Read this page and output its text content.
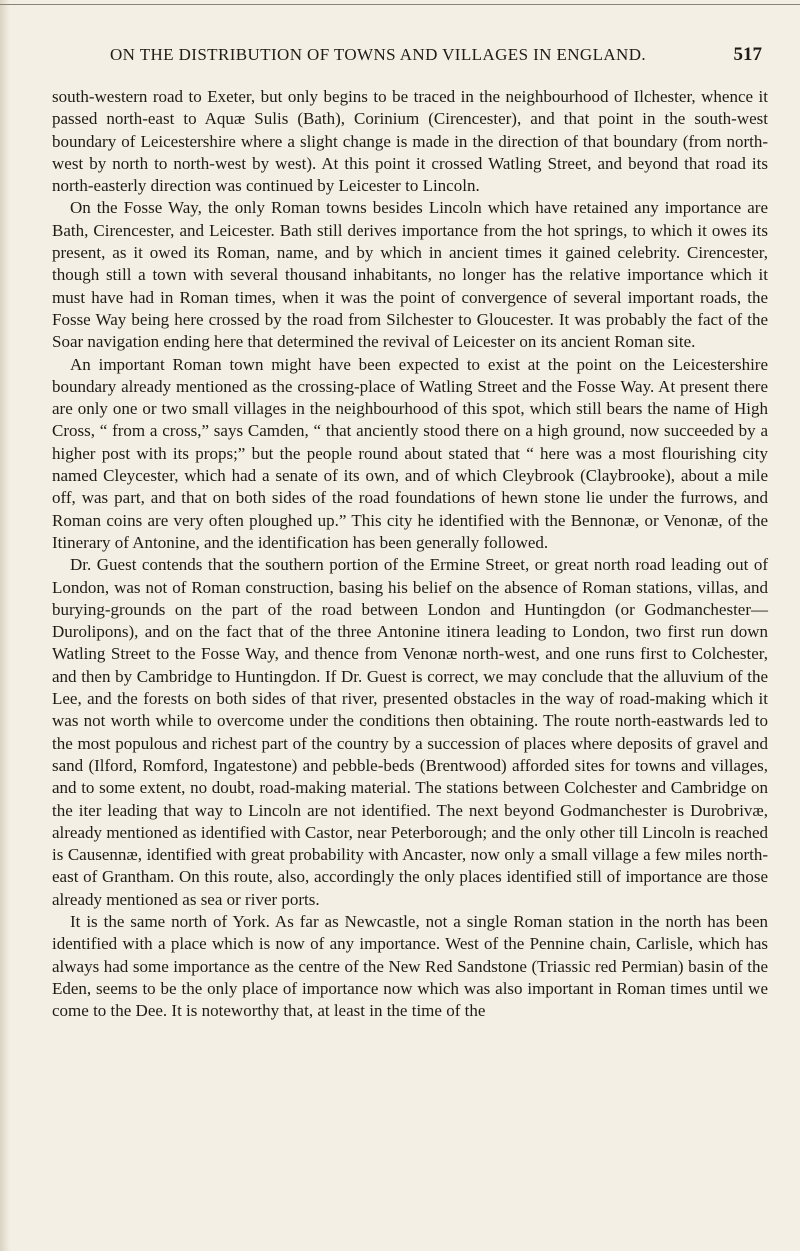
ON THE DISTRIBUTION OF TOWNS AND VILLAGES IN ENGLAND.	517

south-western road to Exeter, but only begins to be traced in the neighbourhood of Ilchester, whence it passed north-east to Aquæ Sulis (Bath), Corinium (Cirencester), and that point in the south-west boundary of Leicestershire where a slight change is made in the direction of that boundary (from north-west by north to north-west by west). At this point it crossed Watling Street, and beyond that road its north-easterly direction was continued by Leicester to Lincoln.

On the Fosse Way, the only Roman towns besides Lincoln which have retained any importance are Bath, Cirencester, and Leicester. Bath still derives importance from the hot springs, to which it owes its present, as it owed its Roman, name, and by which in ancient times it gained celebrity. Cirencester, though still a town with several thousand inhabitants, no longer has the relative importance which it must have had in Roman times, when it was the point of convergence of several important roads, the Fosse Way being here crossed by the road from Silchester to Gloucester. It was probably the fact of the Soar navigation ending here that determined the revival of Leicester on its ancient Roman site.

An important Roman town might have been expected to exist at the point on the Leicestershire boundary already mentioned as the crossing-place of Watling Street and the Fosse Way. At present there are only one or two small villages in the neighbourhood of this spot, which still bears the name of High Cross, “ from a cross,” says Camden, “ that anciently stood there on a high ground, now succeeded by a higher post with its props;” but the people round about stated that “ here was a most flourishing city named Cleycester, which had a senate of its own, and of which Cleybrook (Claybrooke), about a mile off, was part, and that on both sides of the road foundations of hewn stone lie under the furrows, and Roman coins are very often ploughed up.” This city he identified with the Bennonæ, or Venonæ, of the Itinerary of Antonine, and the identification has been generally followed.

Dr. Guest contends that the southern portion of the Ermine Street, or great north road leading out of London, was not of Roman construction, basing his belief on the absence of Roman stations, villas, and burying-grounds on the part of the road between London and Huntingdon (or Godmanchester—Durolipons), and on the fact that of the three Antonine itinera leading to London, two first run down Watling Street to the Fosse Way, and thence from Venonæ north-west, and one runs first to Colchester, and then by Cambridge to Huntingdon. If Dr. Guest is correct, we may conclude that the alluvium of the Lee, and the forests on both sides of that river, presented obstacles in the way of road-making which it was not worth while to overcome under the conditions then obtaining. The route north-eastwards led to the most populous and richest part of the country by a succession of places where deposits of gravel and sand (Ilford, Romford, Ingatestone) and pebble-beds (Brentwood) afforded sites for towns and villages, and to some extent, no doubt, road-making material. The stations between Colchester and Cambridge on the iter leading that way to Lincoln are not identified. The next beyond Godmanchester is Durobrivæ, already mentioned as identified with Castor, near Peterborough; and the only other till Lincoln is reached is Causennæ, identified with great probability with Ancaster, now only a small village a few miles north-east of Grantham. On this route, also, accordingly the only places identified still of importance are those already mentioned as sea or river ports.

It is the same north of York. As far as Newcastle, not a single Roman station in the north has been identified with a place which is now of any importance. West of the Pennine chain, Carlisle, which has always had some importance as the centre of the New Red Sandstone (Triassic red Permian) basin of the Eden, seems to be the only place of importance now which was also important in Roman times until we come to the Dee. It is noteworthy that, at least in the time of the
